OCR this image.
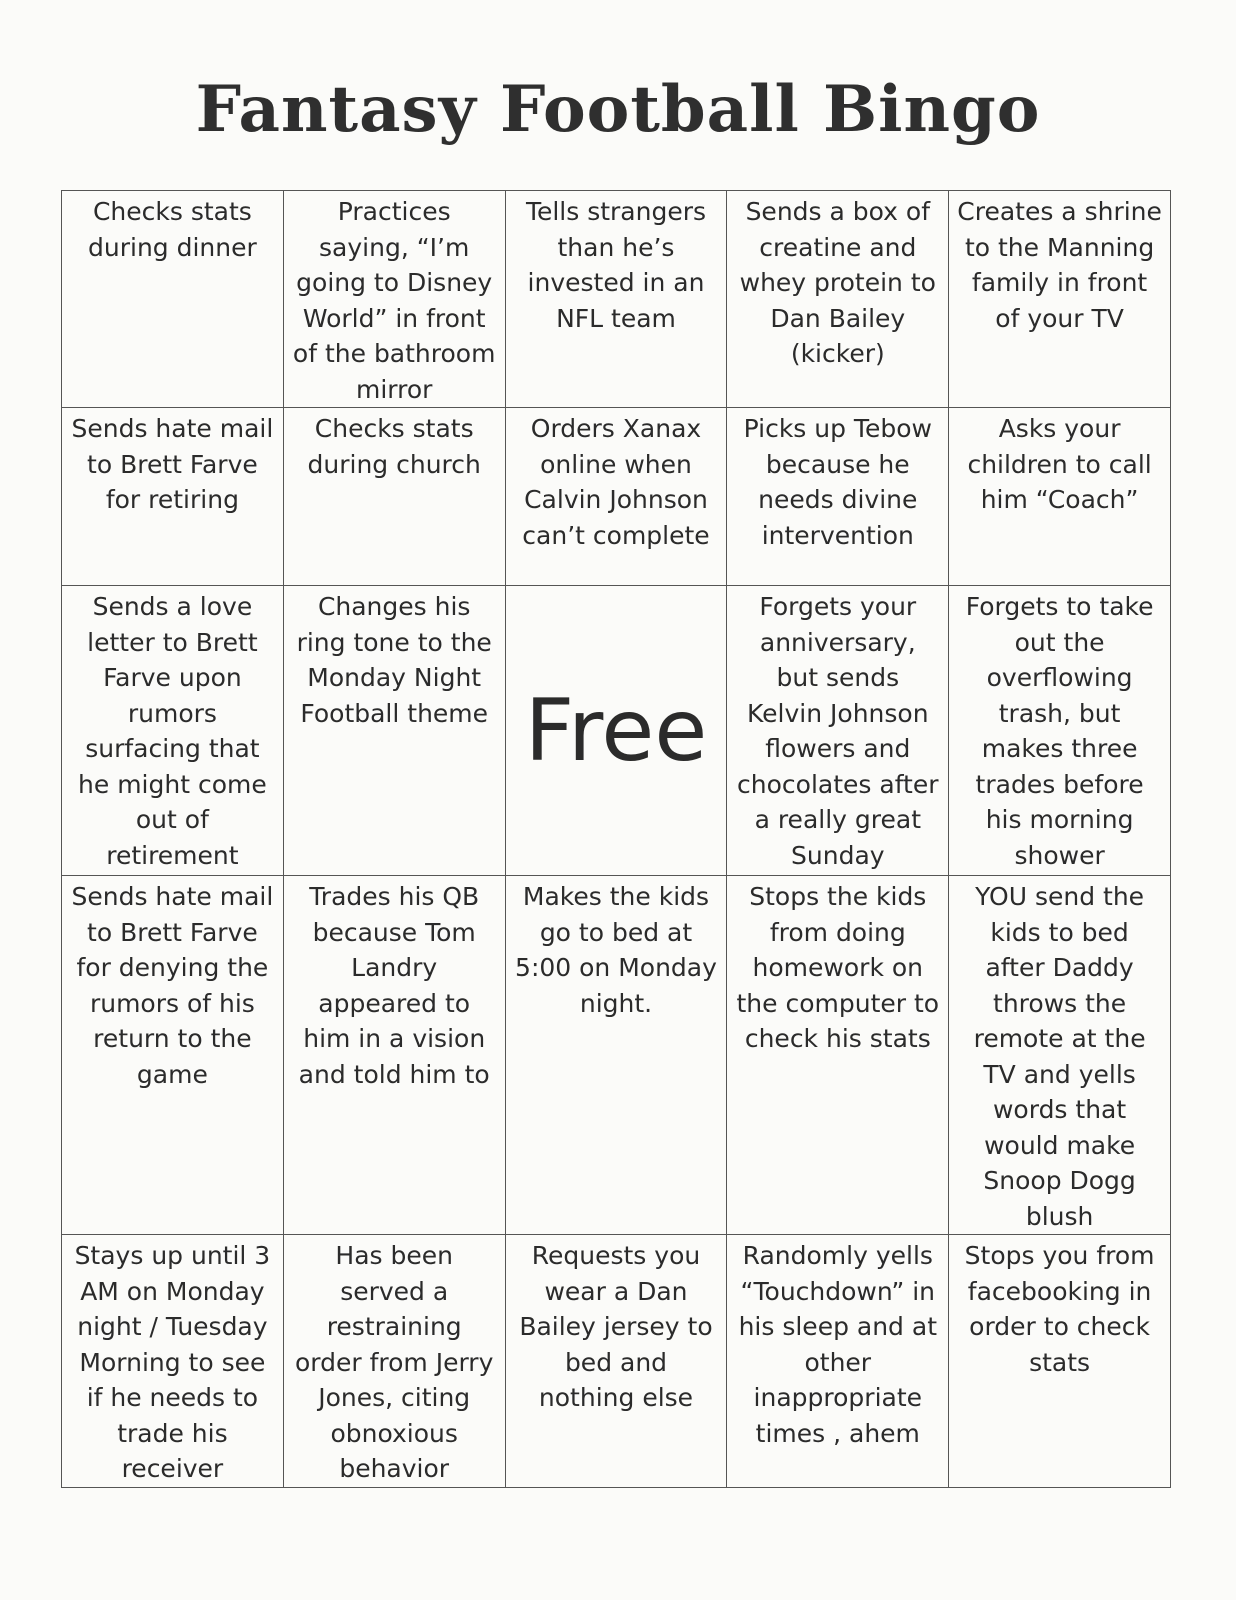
Fantasy Football Bingo
Checks stats during dinner	Practices saying, “I’m going to Disney World” in front of the bathroom mirror	Tells strangers than he’s invested in an NFL team	Sends a box of creatine and whey protein to Dan Bailey (kicker)	Creates a shrine to the Manning family in front of your TV
Sends hate mail to Brett Farve for retiring	Checks stats during church	Orders Xanax online when Calvin Johnson can’t complete	Picks up Tebow because he needs divine intervention	Asks your children to call him “Coach”
Sends a love letter to Brett Farve upon rumors surfacing that he might come out of retirement	Changes his ring tone to the Monday Night Football theme	Free	Forgets your anniversary, but sends Kelvin Johnson flowers and chocolates after a really great Sunday	Forgets to take out the overflowing trash, but makes three trades before his morning shower
Sends hate mail to Brett Farve for denying the rumors of his return to the game	Trades his QB because Tom Landry appeared to him in a vision and told him to	Makes the kids go to bed at 5:00 on Monday night.	Stops the kids from doing homework on the computer to check his stats	YOU send the kids to bed after Daddy throws the remote at the TV and yells words that would make Snoop Dogg blush
Stays up until 3 AM on Monday night / Tuesday Morning to see if he needs to trade his receiver	Has been served a restraining order from Jerry Jones, citing obnoxious behavior	Requests you wear a Dan Bailey jersey to bed and nothing else	Randomly yells “Touchdown” in his sleep and at other inappropriate times , ahem	Stops you from facebooking in order to check stats
